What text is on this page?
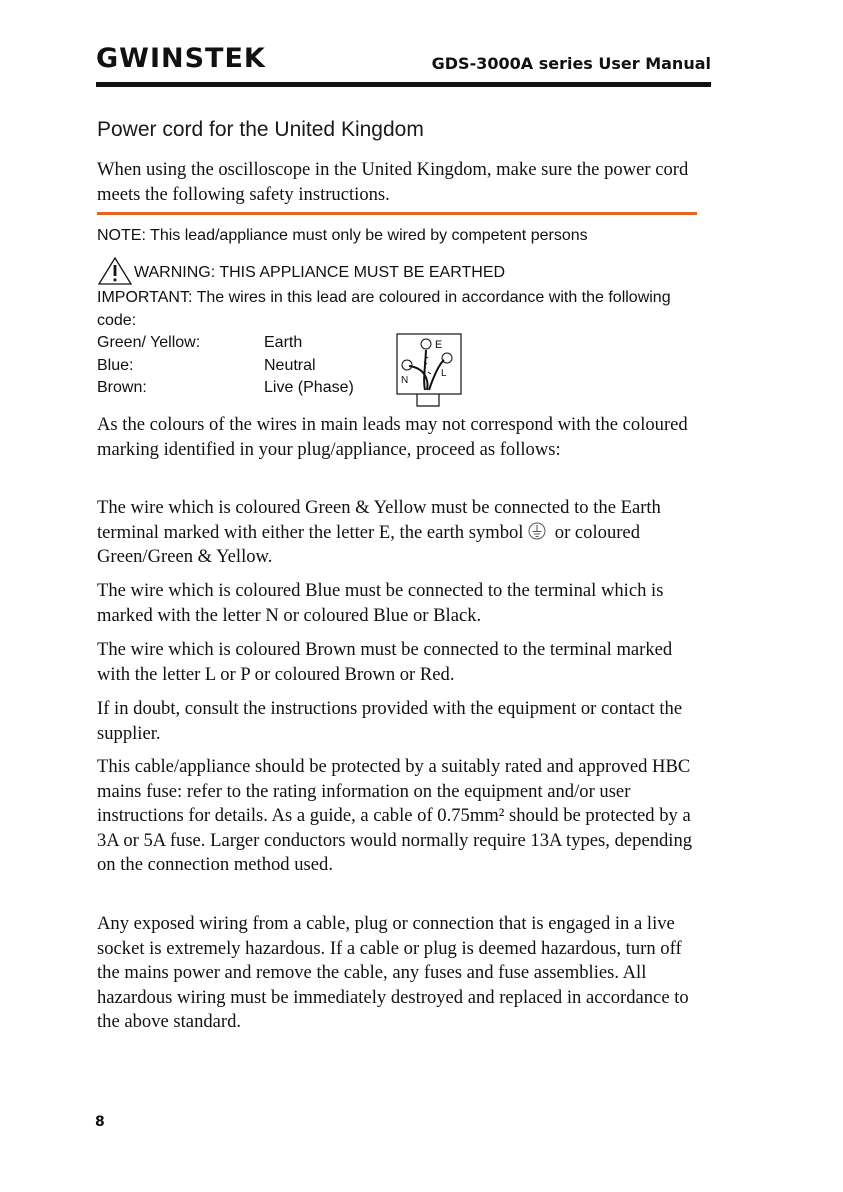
GWINSTEK	GDS-3000A series User Manual
Power cord for the United Kingdom

When using the oscilloscope in the United Kingdom, make sure the power cord meets the following safety instructions.

NOTE: This lead/appliance must only be wired by competent persons

WARNING: THIS APPLIANCE MUST BE EARTHED

IMPORTANT: The wires in this lead are coloured in accordance with the following code:

Green/ Yellow:	Earth
Blue:	Neutral
Brown:	Live (Phase)
E
N
L

As the colours of the wires in main leads may not correspond with the coloured marking identified in your plug/appliance, proceed as follows:

The wire which is coloured Green & Yellow must be connected to the Earth terminal marked with either the letter E, the earth symbol or coloured Green/Green & Yellow.

The wire which is coloured Blue must be connected to the terminal which is marked with the letter N or coloured Blue or Black.

The wire which is coloured Brown must be connected to the terminal marked with the letter L or P or coloured Brown or Red.

If in doubt, consult the instructions provided with the equipment or contact the supplier.

This cable/appliance should be protected by a suitably rated and approved HBC mains fuse: refer to the rating information on the equipment and/or user instructions for details. As a guide, a cable of 0.75mm² should be protected by a 3A or 5A fuse. Larger conductors would normally require 13A types, depending on the connection method used.

Any exposed wiring from a cable, plug or connection that is engaged in a live socket is extremely hazardous. If a cable or plug is deemed hazardous, turn off the mains power and remove the cable, any fuses and fuse assemblies. All hazardous wiring must be immediately destroyed and replaced in accordance to the above standard.

8
